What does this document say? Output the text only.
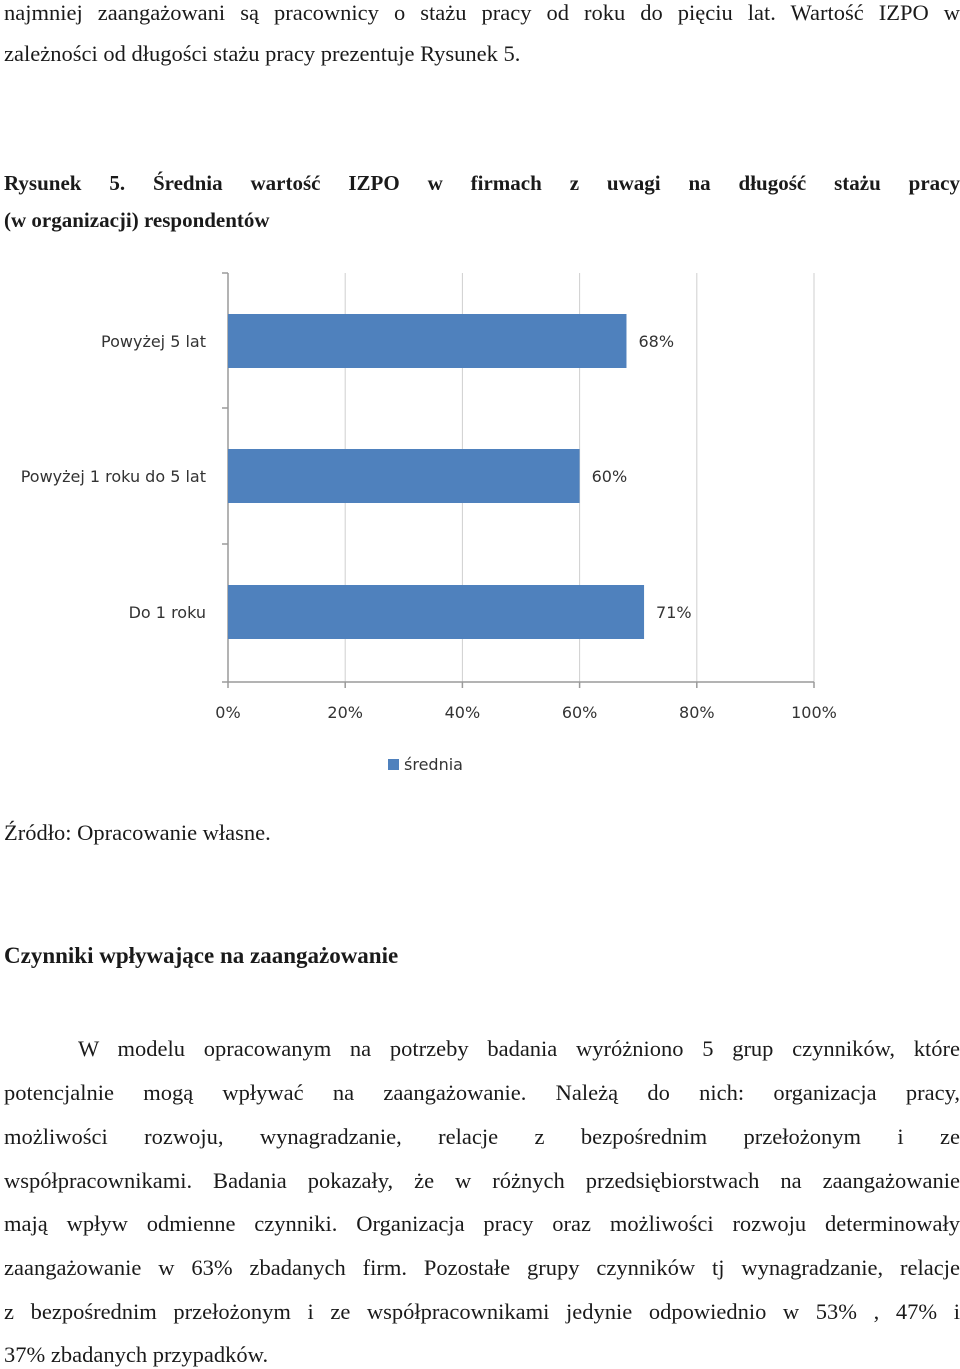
najmniej zaangażowani są pracownicy o stażu pracy od roku do pięciu lat. Wartość IZPO w
zależności od długości stażu pracy prezentuje Rysunek 5.
Rysunek 5. Średnia wartość IZPO w firmach z uwagi na długość stażu pracy
(w organizacji) respondentów
Powyżej 5 lat
Powyżej 1 roku do 5 lat
Do 1 roku
68%
60%
71%
0%	20%	40%	60%	80%	100%
średnia
Źródło: Opracowanie własne.
Czynniki wpływające na zaangażowanie
W modelu opracowanym na potrzeby badania wyróżniono 5 grup czynników, które
potencjalnie mogą wpływać na zaangażowanie. Należą do nich: organizacja pracy,
możliwości rozwoju, wynagradzanie, relacje z bezpośrednim przełożonym i ze
współpracownikami. Badania pokazały, że w różnych przedsiębiorstwach na zaangażowanie
mają wpływ odmienne czynniki. Organizacja pracy oraz możliwości rozwoju determinowały
zaangażowanie w 63% zbadanych firm. Pozostałe grupy czynników tj wynagradzanie, relacje
z bezpośrednim przełożonym i ze współpracownikami jedynie odpowiednio w 53% , 47% i
37% zbadanych przypadków.
